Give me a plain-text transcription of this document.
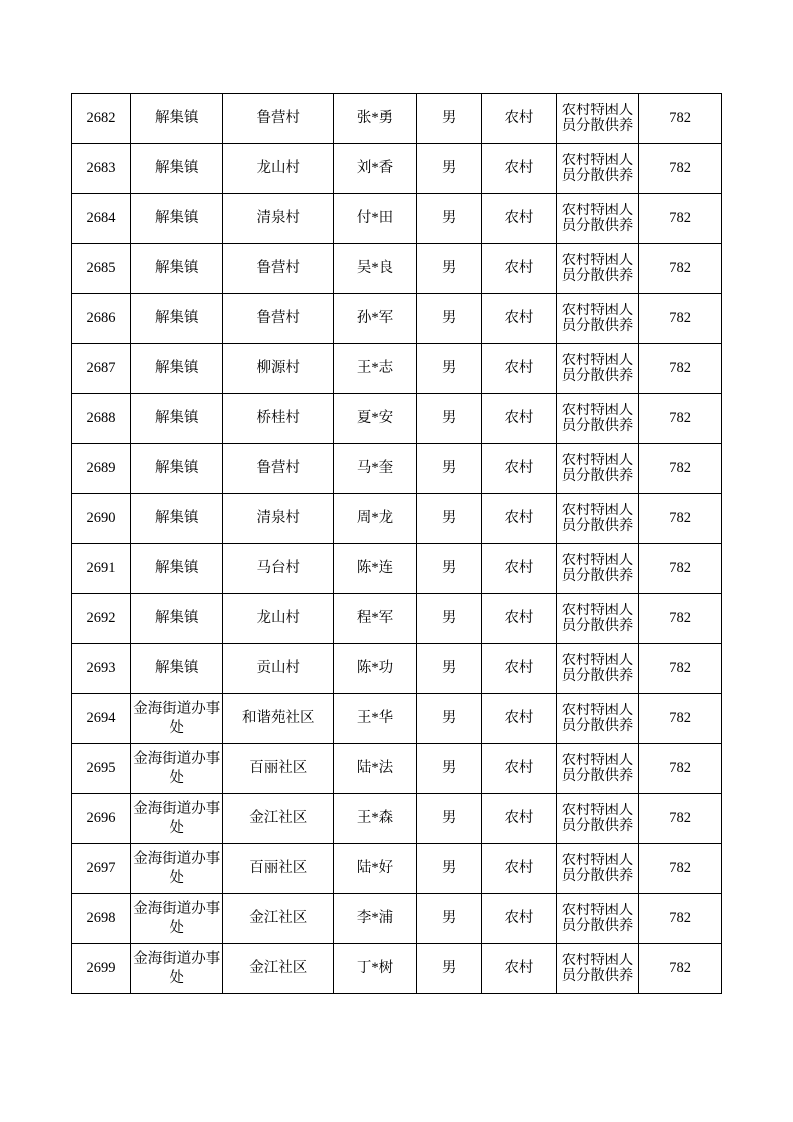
2682	解集镇	鲁营村	张*勇	男	农村	农村特困人员分散供养	782
2683	解集镇	龙山村	刘*香	男	农村	农村特困人员分散供养	782
2684	解集镇	清泉村	付*田	男	农村	农村特困人员分散供养	782
2685	解集镇	鲁营村	吴*良	男	农村	农村特困人员分散供养	782
2686	解集镇	鲁营村	孙*军	男	农村	农村特困人员分散供养	782
2687	解集镇	柳源村	王*志	男	农村	农村特困人员分散供养	782
2688	解集镇	桥桂村	夏*安	男	农村	农村特困人员分散供养	782
2689	解集镇	鲁营村	马*奎	男	农村	农村特困人员分散供养	782
2690	解集镇	清泉村	周*龙	男	农村	农村特困人员分散供养	782
2691	解集镇	马台村	陈*连	男	农村	农村特困人员分散供养	782
2692	解集镇	龙山村	程*军	男	农村	农村特困人员分散供养	782
2693	解集镇	贡山村	陈*功	男	农村	农村特困人员分散供养	782
2694	金海街道办事处	和谐苑社区	王*华	男	农村	农村特困人员分散供养	782
2695	金海街道办事处	百丽社区	陆*法	男	农村	农村特困人员分散供养	782
2696	金海街道办事处	金江社区	王*森	男	农村	农村特困人员分散供养	782
2697	金海街道办事处	百丽社区	陆*好	男	农村	农村特困人员分散供养	782
2698	金海街道办事处	金江社区	李*浦	男	农村	农村特困人员分散供养	782
2699	金海街道办事处	金江社区	丁*树	男	农村	农村特困人员分散供养	782
